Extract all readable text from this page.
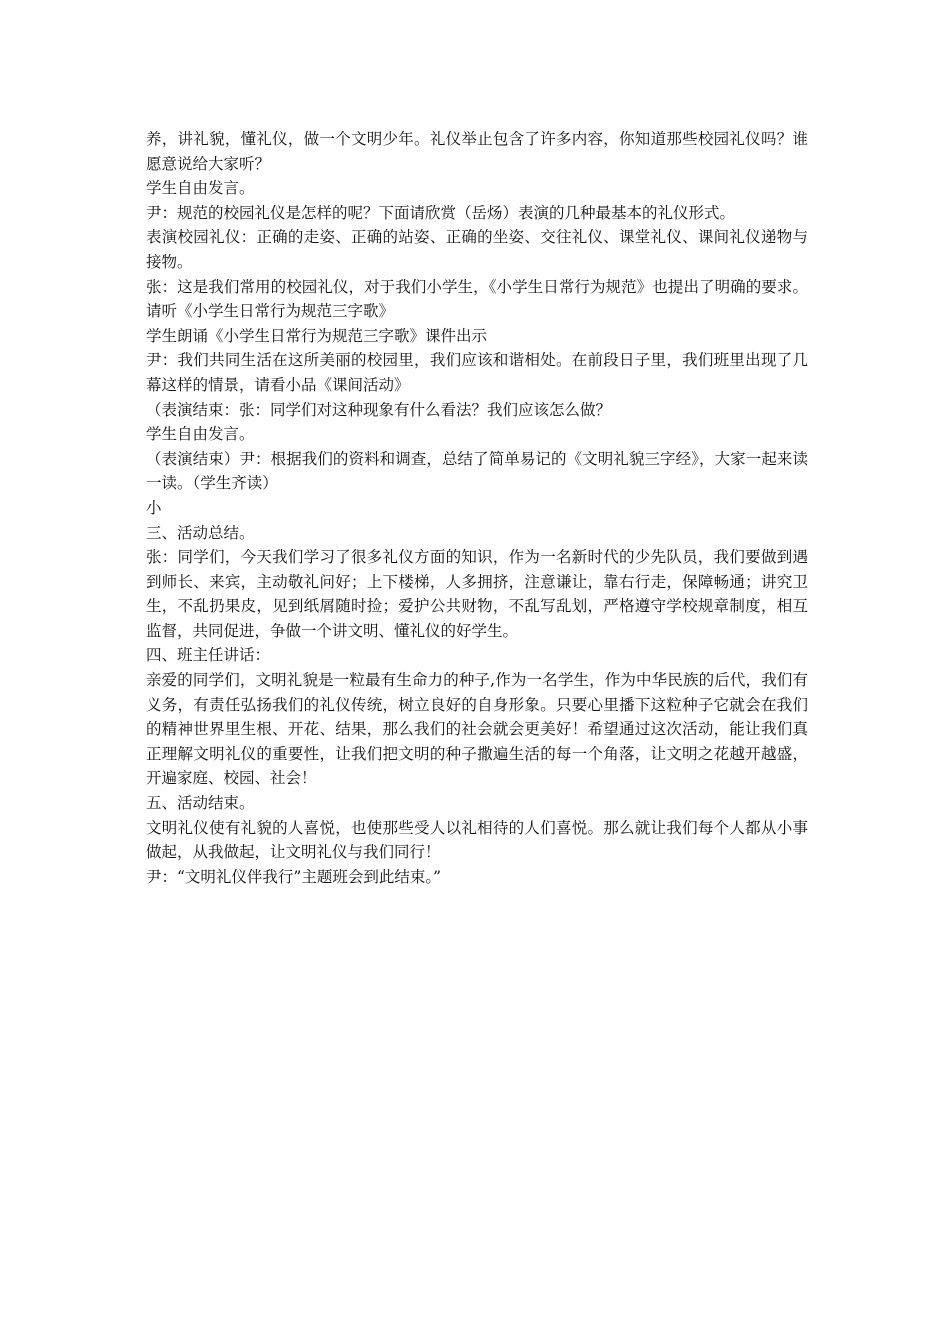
养，讲礼貌，懂礼仪，做一个文明少年。礼仪举止包含了许多内容，你知道那些校园礼仪吗？谁愿意说给大家听？

学生自由发言。

尹：规范的校园礼仪是怎样的呢？下面请欣赏（岳炀）表演的几种最基本的礼仪形式。

表演校园礼仪：正确的走姿、正确的站姿、正确的坐姿、交往礼仪、课堂礼仪、课间礼仪递物与接物。

张：这是我们常用的校园礼仪，对于我们小学生，《小学生日常行为规范》也提出了明确的要求。请听《小学生日常行为规范三字歌》

学生朗诵《小学生日常行为规范三字歌》课件出示

尹：我们共同生活在这所美丽的校园里，我们应该和谐相处。在前段日子里，我们班里出现了几幕这样的情景，请看小品《课间活动》

（表演结束：张：同学们对这种现象有什么看法？我们应该怎么做？

学生自由发言。

（表演结束）尹：根据我们的资料和调查，总结了简单易记的《文明礼貌三字经》，大家一起来读一读。（学生齐读）

小

三、活动总结。

张：同学们，今天我们学习了很多礼仪方面的知识，作为一名新时代的少先队员，我们要做到遇到师长、来宾，主动敬礼问好；上下楼梯，人多拥挤，注意谦让，靠右行走，保障畅通；讲究卫生，不乱扔果皮，见到纸屑随时捡；爱护公共财物，不乱写乱划，严格遵守学校规章制度，相互监督，共同促进，争做一个讲文明、懂礼仪的好学生。

四、班主任讲话：

亲爱的同学们，文明礼貌是一粒最有生命力的种子,作为一名学生，作为中华民族的后代，我们有义务，有责任弘扬我们的礼仪传统，树立良好的自身形象。只要心里播下这粒种子它就会在我们的精神世界里生根、开花、结果，那么我们的社会就会更美好！希望通过这次活动，能让我们真正理解文明礼仪的重要性，让我们把文明的种子撒遍生活的每一个角落，让文明之花越开越盛，开遍家庭、校园、社会！

五、活动结束。

文明礼仪使有礼貌的人喜悦，也使那些受人以礼相待的人们喜悦。那么就让我们每个人都从小事做起，从我做起，让文明礼仪与我们同行！

尹：“文明礼仪伴我行”主题班会到此结束。”
